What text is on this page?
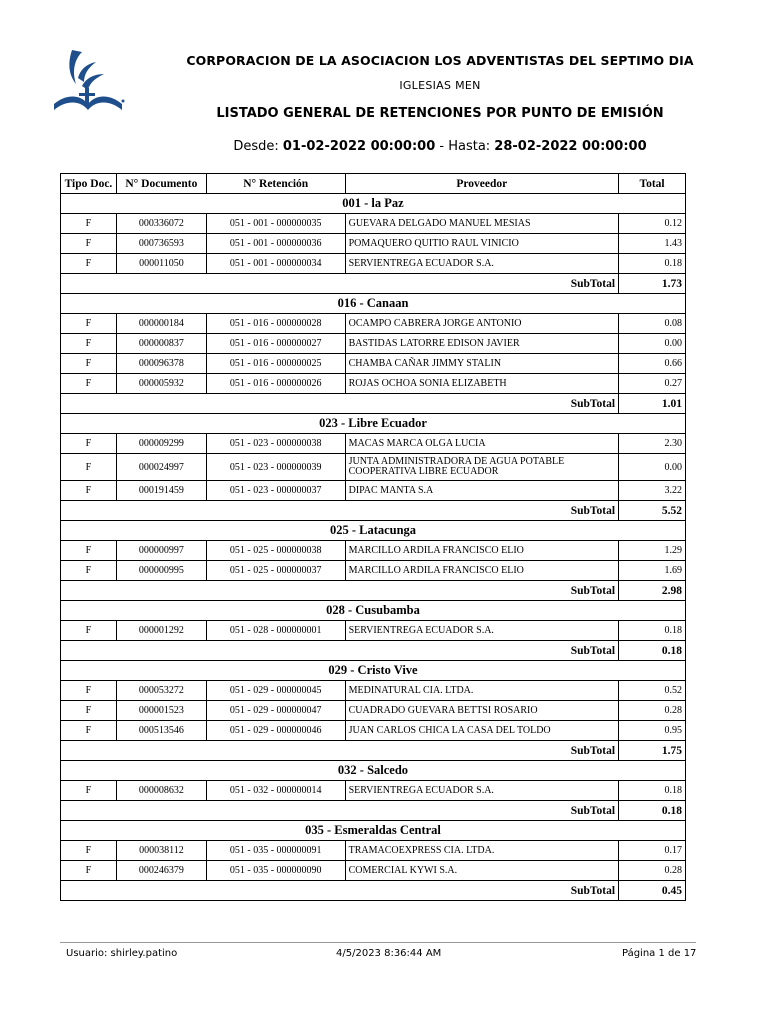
CORPORACION DE LA ASOCIACION LOS ADVENTISTAS DEL SEPTIMO DIA
IGLESIAS MEN
LISTADO GENERAL DE RETENCIONES POR PUNTO DE EMISIÓN
Desde: 01-02-2022 00:00:00 - Hasta: 28-02-2022 00:00:00
Tipo Doc.	N° Documento	N° Retención	Proveedor	Total
001 - la Paz				
F	000336072	051 - 001 - 000000035	GUEVARA DELGADO MANUEL MESIAS	0.12
F	000736593	051 - 001 - 000000036	POMAQUERO QUITIO RAUL VINICIO	1.43
F	000011050	051 - 001 - 000000034	SERVIENTREGA ECUADOR S.A.	0.18
SubTotal				1.73
016 - Canaan				
F	000000184	051 - 016 - 000000028	OCAMPO CABRERA JORGE ANTONIO	0.08
F	000000837	051 - 016 - 000000027	BASTIDAS LATORRE EDISON JAVIER	0.00
F	000096378	051 - 016 - 000000025	CHAMBA CAÑAR JIMMY STALIN	0.66
F	000005932	051 - 016 - 000000026	ROJAS OCHOA SONIA ELIZABETH	0.27
SubTotal				1.01
023 - Libre Ecuador				
F	000009299	051 - 023 - 000000038	MACAS MARCA OLGA LUCIA	2.30
F	000024997	051 - 023 - 000000039	JUNTA ADMINISTRADORA DE AGUA POTABLE COOPERATIVA LIBRE ECUADOR	0.00
F	000191459	051 - 023 - 000000037	DIPAC MANTA S.A	3.22
SubTotal				5.52
025 - Latacunga				
F	000000997	051 - 025 - 000000038	MARCILLO ARDILA FRANCISCO ELIO	1.29
F	000000995	051 - 025 - 000000037	MARCILLO ARDILA FRANCISCO ELIO	1.69
SubTotal				2.98
028 - Cusubamba				
F	000001292	051 - 028 - 000000001	SERVIENTREGA ECUADOR S.A.	0.18
SubTotal				0.18
029 - Cristo Vive				
F	000053272	051 - 029 - 000000045	MEDINATURAL CIA. LTDA.	0.52
F	000001523	051 - 029 - 000000047	CUADRADO GUEVARA BETTSI ROSARIO	0.28
F	000513546	051 - 029 - 000000046	JUAN CARLOS CHICA LA CASA DEL TOLDO	0.95
SubTotal				1.75
032 - Salcedo				
F	000008632	051 - 032 - 000000014	SERVIENTREGA ECUADOR S.A.	0.18
SubTotal				0.18
035 - Esmeraldas Central				
F	000038112	051 - 035 - 000000091	TRAMACOEXPRESS CIA. LTDA.	0.17
F	000246379	051 - 035 - 000000090	COMERCIAL KYWI S.A.	0.28
SubTotal				0.45
Usuario: shirley.patino	4/5/2023 8:36:44 AM	Página 1 de 17
